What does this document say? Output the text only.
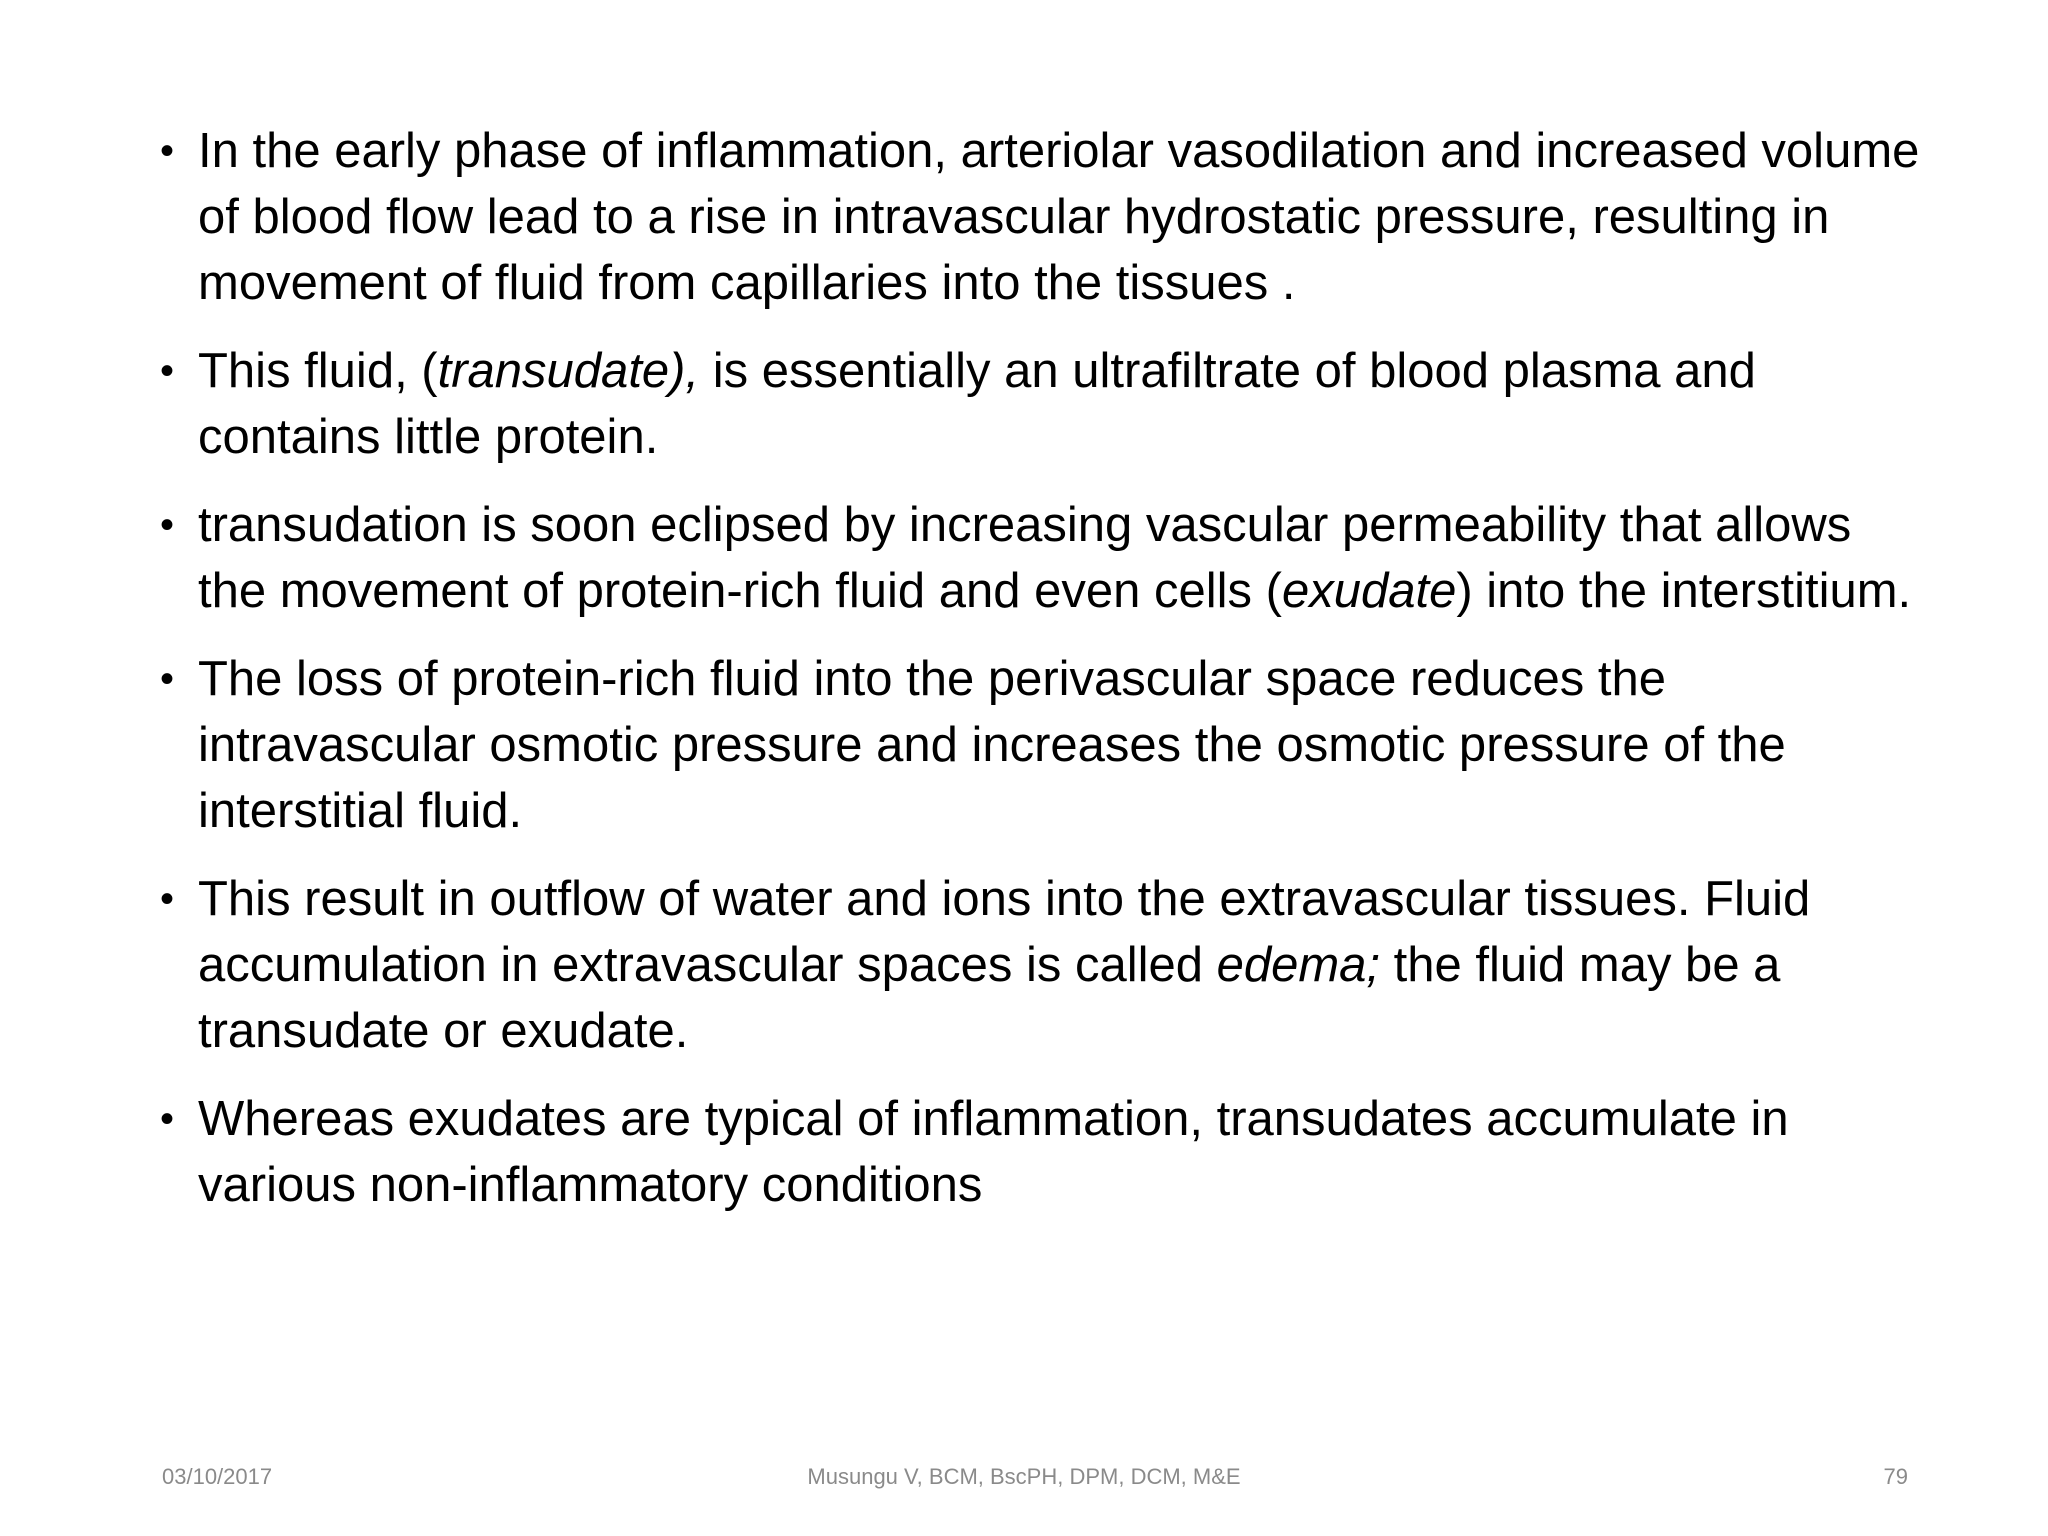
• In the early phase of inflammation, arteriolar vasodilation and increased volume of blood flow lead to a rise in intravascular hydrostatic pressure, resulting in movement of fluid from capillaries into the tissues .
• This fluid, (transudate), is essentially an ultrafiltrate of blood plasma and contains little protein.
• transudation is soon eclipsed by increasing vascular permeability that allows the movement of protein-rich fluid and even cells (exudate) into the interstitium.
• The loss of protein-rich fluid into the perivascular space reduces the intravascular osmotic pressure and increases the osmotic pressure of the interstitial fluid.
• This result in outflow of water and ions into the extravascular tissues. Fluid accumulation in extravascular spaces is called edema; the fluid may be a transudate or exudate.
• Whereas exudates are typical of inflammation, transudates accumulate in various non-inflammatory conditions
03/10/2017	Musungu V, BCM, BscPH, DPM, DCM, M&E	79
